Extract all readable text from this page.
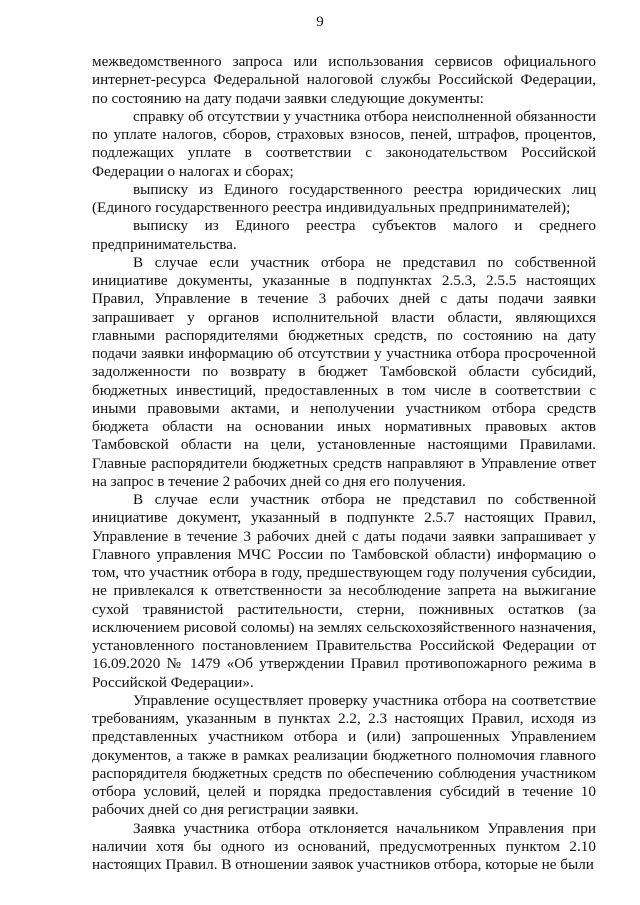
9

межведомственного запроса или использования сервисов официального интернет-ресурса Федеральной налоговой службы Российской Федерации, по состоянию на дату подачи заявки следующие документы:

справку об отсутствии у участника отбора неисполненной обязанности по уплате налогов, сборов, страховых взносов, пеней, штрафов, процентов, подлежащих уплате в соответствии с законодательством Российской Федерации о налогах и сборах;

выписку из Единого государственного реестра юридических лиц (Единого государственного реестра индивидуальных предпринимателей);

выписку из Единого реестра субъектов малого и среднего предпринимательства.

В случае если участник отбора не представил по собственной инициативе документы, указанные в подпунктах 2.5.3, 2.5.5 настоящих Правил, Управление в течение 3 рабочих дней с даты подачи заявки запрашивает у органов исполнительной власти области, являющихся главными распорядителями бюджетных средств, по состоянию на дату подачи заявки информацию об отсутствии у участника отбора просроченной задолженности по возврату в бюджет Тамбовской области субсидий, бюджетных инвестиций, предоставленных в том числе в соответствии с иными правовыми актами, и неполучении участником отбора средств бюджета области на основании иных нормативных правовых актов Тамбовской области на цели, установленные настоящими Правилами. Главные распорядители бюджетных средств направляют в Управление ответ на запрос в течение 2 рабочих дней со дня его получения.

В случае если участник отбора не представил по собственной инициативе документ, указанный в подпункте 2.5.7 настоящих Правил, Управление в течение 3 рабочих дней с даты подачи заявки запрашивает у Главного управления МЧС России по Тамбовской области) информацию о том, что участник отбора в году, предшествующем году получения субсидии, не привлекался к ответственности за несоблюдение запрета на выжигание сухой травянистой растительности, стерни, пожнивных остатков (за исключением рисовой соломы) на землях сельскохозяйственного назначения, установленного постановлением Правительства Российской Федерации от 16.09.2020 № 1479 «Об утверждении Правил противопожарного режима в Российской Федерации».

Управление осуществляет проверку участника отбора на соответствие требованиям, указанным в пунктах 2.2, 2.3 настоящих Правил, исходя из представленных участником отбора и (или) запрошенных Управлением документов, а также в рамках реализации бюджетного полномочия главного распорядителя бюджетных средств по обеспечению соблюдения участником отбора условий, целей и порядка предоставления субсидий в течение 10 рабочих дней со дня регистрации заявки.

Заявка участника отбора отклоняется начальником Управления при наличии хотя бы одного из оснований, предусмотренных пунктом 2.10 настоящих Правил. В отношении заявок участников отбора, которые не были
